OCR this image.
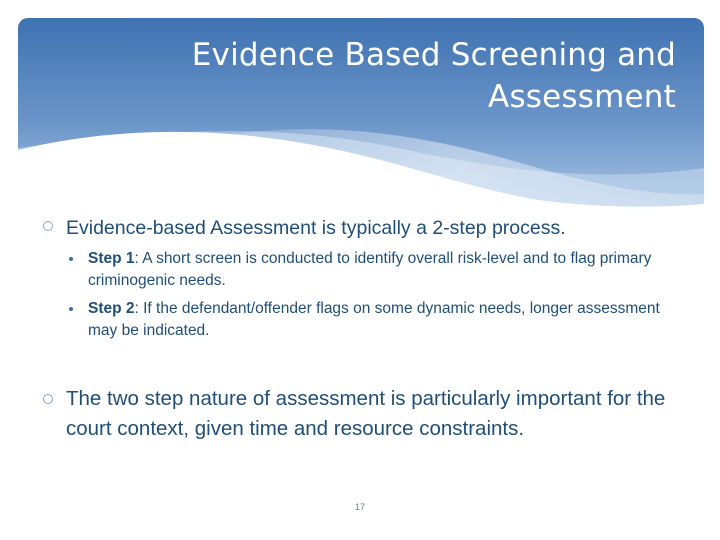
Evidence Based Screening and Assessment
Evidence-based Assessment is typically a 2-step process.
Step 1: A short screen is conducted to identify overall risk-level and to flag primary criminogenic needs.
Step 2: If the defendant/offender flags on some dynamic needs, longer assessment may be indicated.
The two step nature of assessment is particularly important for the court context, given time and resource constraints.
17
